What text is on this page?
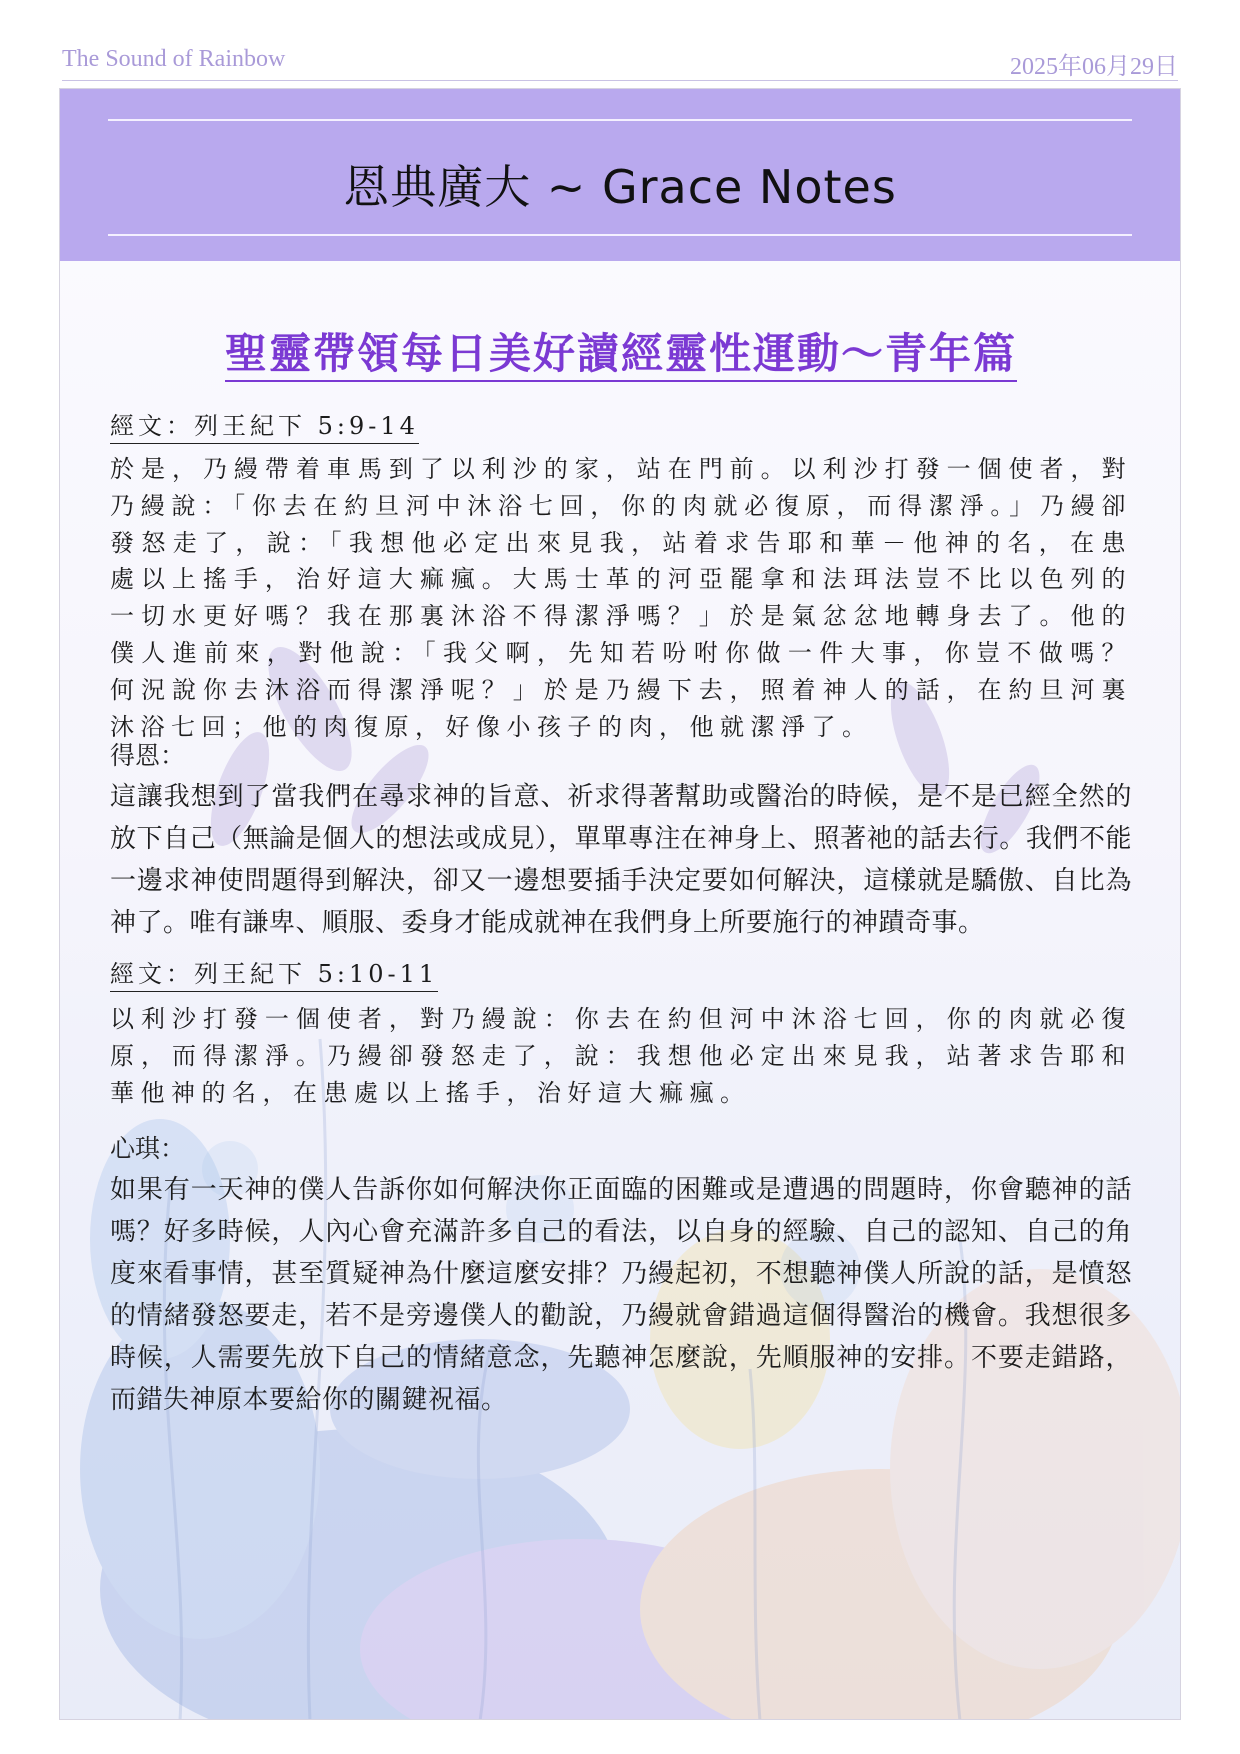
The Sound of Rainbow	2025年06月29日
恩典廣大 ~ Grace Notes
聖靈帶領每日美好讀經靈性運動～青年篇
經文：列王紀下 5:9-14

於是，乃縵帶着車馬到了以利沙的家，站在門前。以利沙打發一個使者，對乃縵說：「你去在約旦河中沐浴七回，你的肉就必復原，而得潔淨。」乃縵卻發怒走了，說：「我想他必定出來見我，站着求告耶和華－他神的名，在患處以上搖手，治好這大痲瘋。大馬士革的河亞罷拿和法珥法豈不比以色列的一切水更好嗎？我在那裏沐浴不得潔淨嗎？」於是氣忿忿地轉身去了。他的僕人進前來，對他說：「我父啊，先知若吩咐你做一件大事，你豈不做嗎？何況說你去沐浴而得潔淨呢？」於是乃縵下去，照着神人的話，在約旦河裏沐浴七回；他的肉復原，好像小孩子的肉，他就潔淨了。

得恩：

這讓我想到了當我們在尋求神的旨意、祈求得著幫助或醫治的時候，是不是已經全然的放下自己（無論是個人的想法或成見），單單專注在神身上、照著祂的話去行。我們不能一邊求神使問題得到解決，卻又一邊想要插手決定要如何解決，這樣就是驕傲、自比為神了。唯有謙卑、順服、委身才能成就神在我們身上所要施行的神蹟奇事。

經文：列王紀下 5:10-11

以利沙打發一個使者，對乃縵說：你去在約但河中沐浴七回，你的肉就必復原，而得潔淨。乃縵卻發怒走了，說：我想他必定出來見我，站著求告耶和華他神的名，在患處以上搖手，治好這大痲瘋。

心琪：

如果有一天神的僕人告訴你如何解決你正面臨的困難或是遭遇的問題時，你會聽神的話嗎？好多時候，人內心會充滿許多自己的看法，以自身的經驗、自己的認知、自己的角度來看事情，甚至質疑神為什麼這麼安排？乃縵起初，不想聽神僕人所說的話，是憤怒的情緒發怒要走，若不是旁邊僕人的勸說，乃縵就會錯過這個得醫治的機會。我想很多時候，人需要先放下自己的情緒意念，先聽神怎麼說，先順服神的安排。不要走錯路，而錯失神原本要給你的關鍵祝福。
